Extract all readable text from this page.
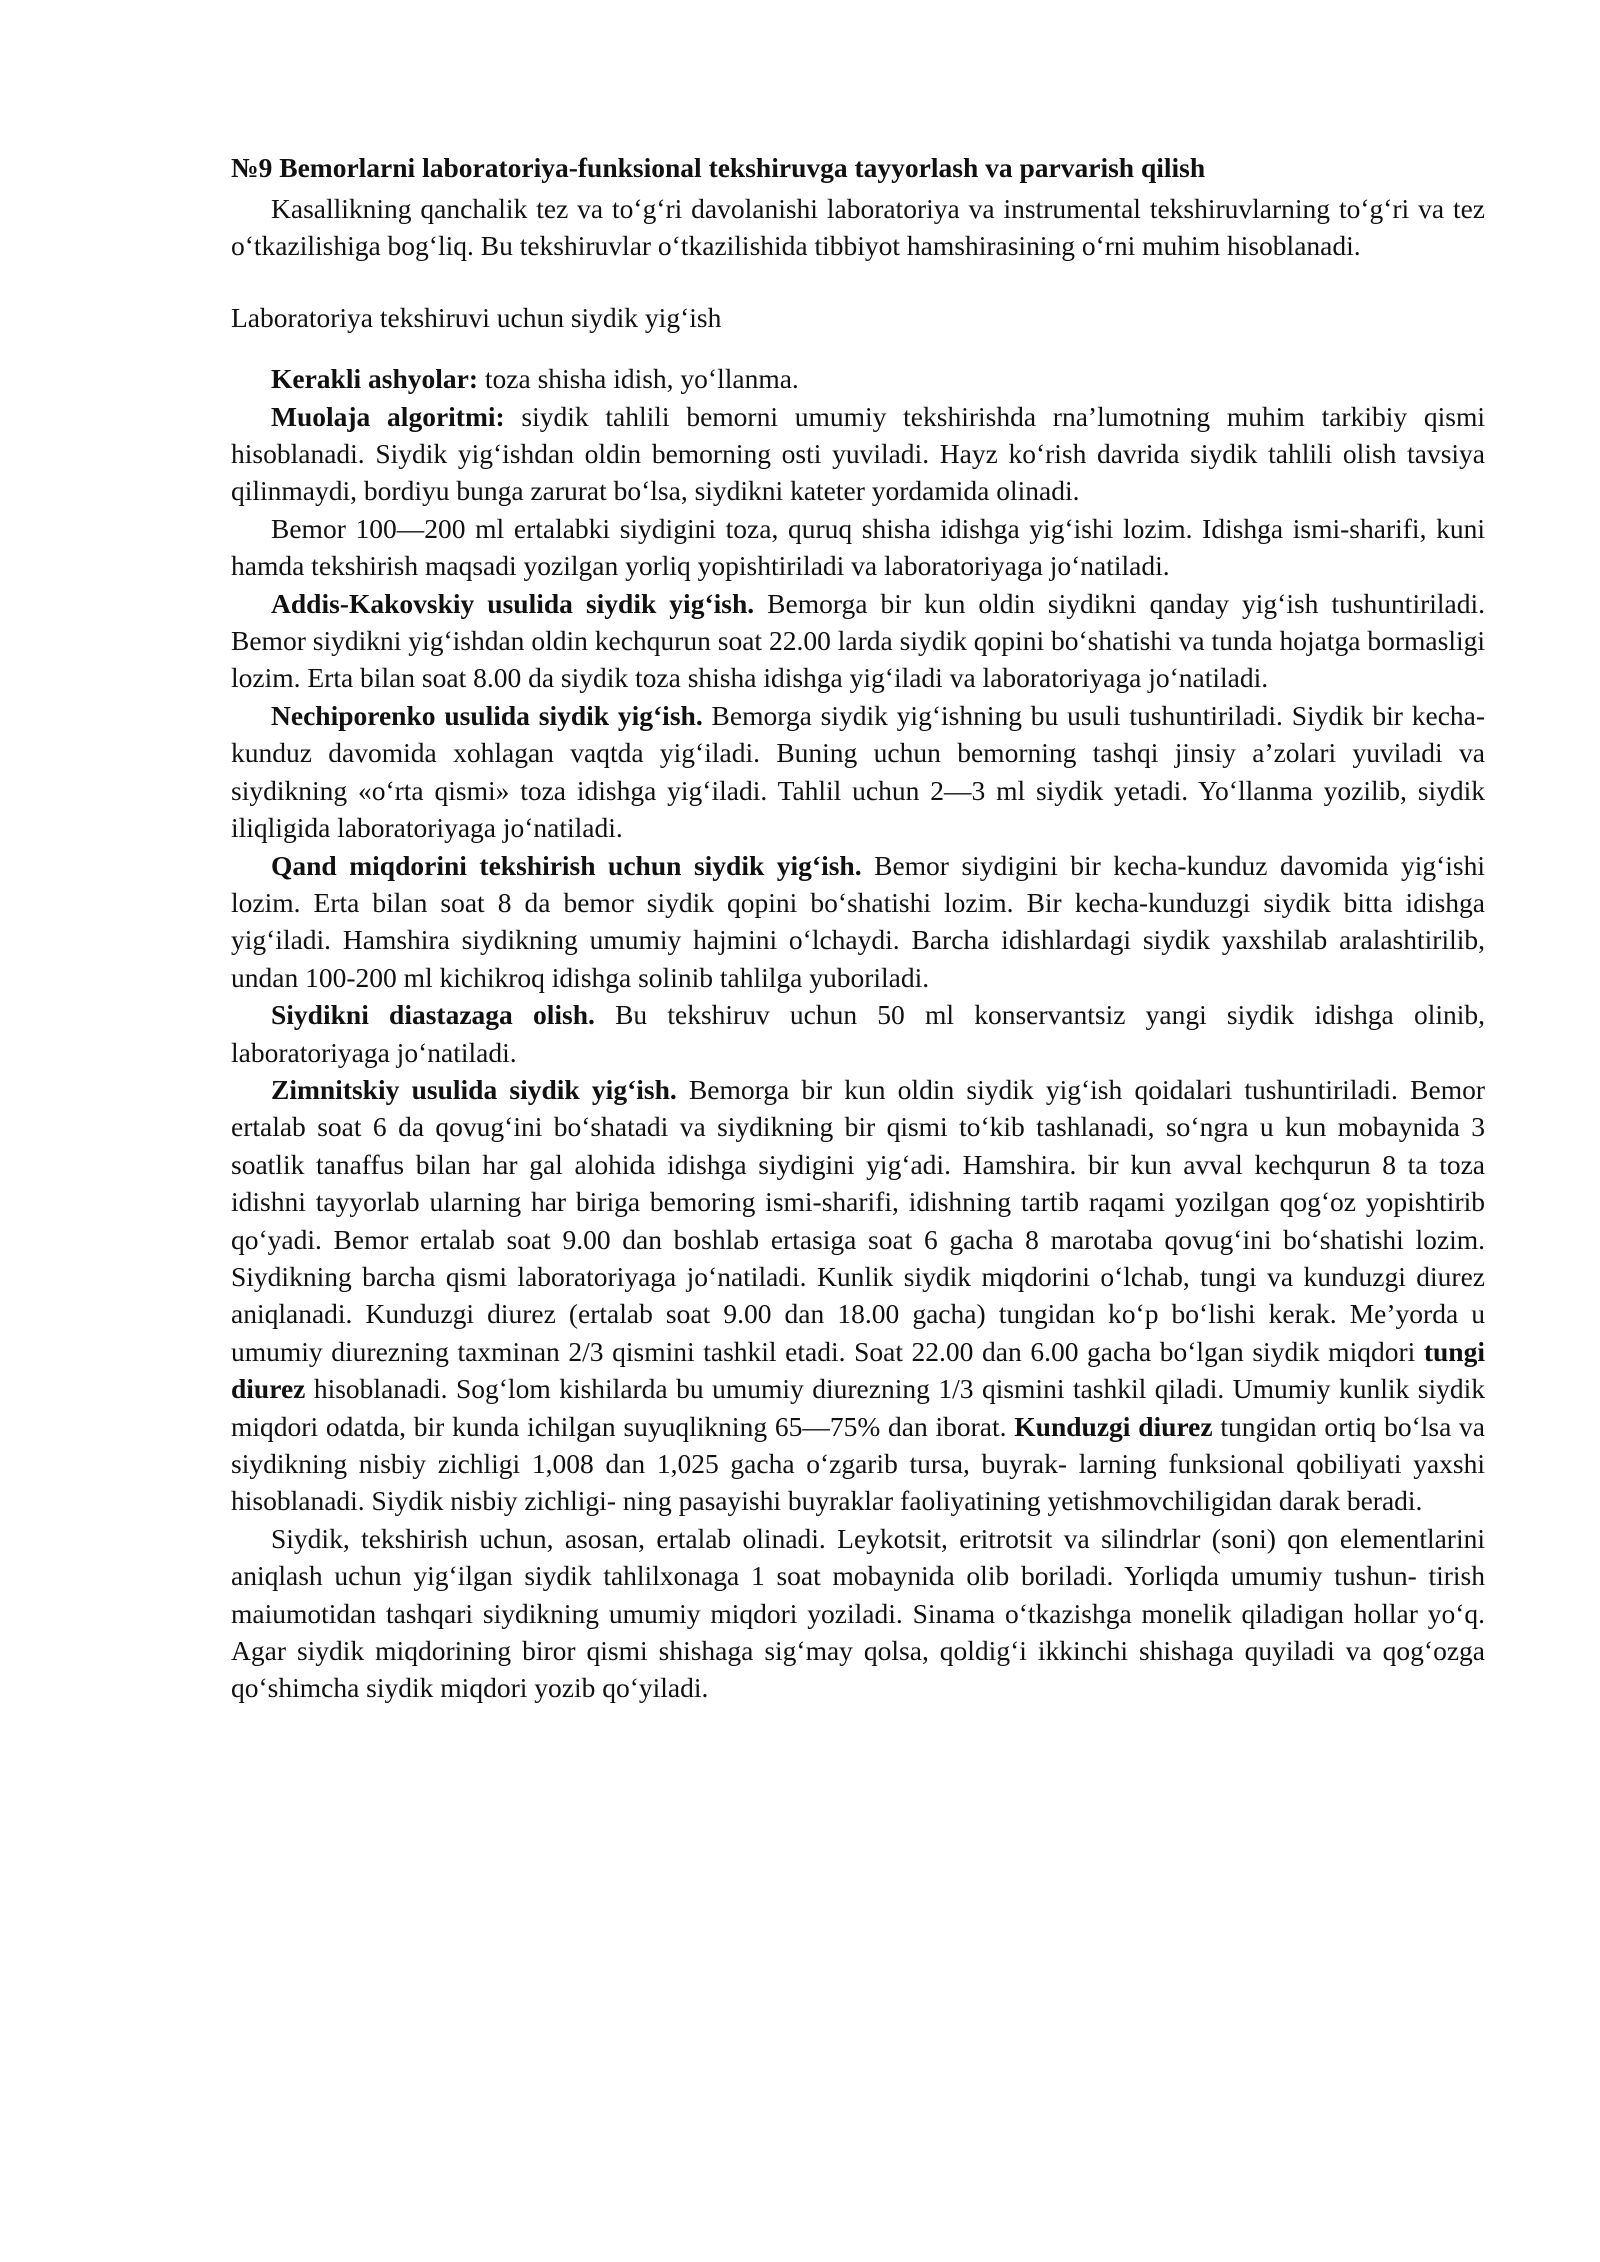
№9 Bemorlarni laboratoriya-funksional tekshiruvga tayyorlash va parvarish qilish

Kasallikning qanchalik tez va to‘g‘ri davolanishi laboratoriya va instrumental tekshiruvlarning to‘g‘ri va tez o‘tkazilishiga bog‘liq. Bu tekshiruvlar o‘tkazilishida tibbiyot hamshirasining o‘rni muhim hisoblanadi.

Laboratoriya tekshiruvi uchun siydik yig‘ish

Kerakli ashyolar: toza shisha idish, yo‘llanma.

Muolaja algoritmi: siydik tahlili bemorni umumiy tekshirishda rna’lumotning muhim tarkibiy qismi hisoblanadi. Siydik yig‘ishdan oldin bemorning osti yuviladi. Hayz ko‘rish davrida siydik tahlili olish tavsiya qilinmaydi, bordiyu bunga zarurat bo‘lsa, siydikni kateter yordamida olinadi.

Bemor 100—200 ml ertalabki siydigini toza, quruq shisha idishga yig‘ishi lozim. Idishga ismi-sharifi, kuni hamda tekshirish maqsadi yozilgan yorliq yopishtiriladi va laboratoriyaga jo‘natiladi.

Addis-Kakovskiy usulida siydik yig‘ish. Bemorga bir kun oldin siydikni qanday yig‘ish tushuntiriladi. Bemor siydikni yig‘ishdan oldin kechqurun soat 22.00 larda siydik qopini bo‘shatishi va tunda hojatga bormasligi lozim. Erta bilan soat 8.00 da siydik toza shisha idishga yig‘iladi va laboratoriyaga jo‘natiladi.

Nechiporenko usulida siydik yig‘ish. Bemorga siydik yig‘ishning bu usuli tushuntiriladi. Siydik bir kecha-kunduz davomida xohlagan vaqtda yig‘iladi. Buning uchun bemorning tashqi jinsiy a’zolari yuviladi va siydikning «o‘rta qismi» toza idishga yig‘iladi. Tahlil uchun 2—3 ml siydik yetadi. Yo‘llanma yozilib, siydik iliqligida laboratoriyaga jo‘natiladi.

Qand miqdorini tekshirish uchun siydik yig‘ish. Bemor siydigini bir kecha-kunduz davomida yig‘ishi lozim. Erta bilan soat 8 da bemor siydik qopini bo‘shatishi lozim. Bir kecha-kunduzgi siydik bitta idishga yig‘iladi. Hamshira siydikning umumiy hajmini o‘lchaydi. Barcha idishlardagi siydik yaxshilab aralashtirilib, undan 100-200 ml kichikroq idishga solinib tahlilga yuboriladi.

Siydikni diastazaga olish. Bu tekshiruv uchun 50 ml konservantsiz yangi siydik idishga olinib, laboratoriyaga jo‘natiladi.

Zimnitskiy usulida siydik yig‘ish. Bemorga bir kun oldin siydik yig‘ish qoidalari tushuntiriladi. Bemor ertalab soat 6 da qovug‘ini bo‘shatadi va siydikning bir qismi to‘kib tashlanadi, so‘ngra u kun mobaynida 3 soatlik tanaffus bilan har gal alohida idishga siydigini yig‘adi. Hamshira. bir kun avval kechqurun 8 ta toza idishni tayyorlab ularning har biriga bemoring ismi-sharifi, idishning tartib raqami yozilgan qog‘oz yopishtirib qo‘yadi. Bemor ertalab soat 9.00 dan boshlab ertasiga soat 6 gacha 8 marotaba qovug‘ini bo‘shatishi lozim. Siydikning barcha qismi laboratoriyaga jo‘natiladi. Kunlik siydik miqdorini o‘lchab, tungi va kunduzgi diurez aniqlanadi. Kunduzgi diurez (ertalab soat 9.00 dan 18.00 gacha) tungidan ko‘p bo‘lishi kerak. Me’yorda u umumiy diurezning taxminan 2/3 qismini tashkil etadi. Soat 22.00 dan 6.00 gacha bo‘lgan siydik miqdori tungi diurez hisoblanadi. Sog‘lom kishilarda bu umumiy diurezning 1/3 qismini tashkil qiladi. Umumiy kunlik siydik miqdori odatda, bir kunda ichilgan suyuqlikning 65—75% dan iborat. Kunduzgi diurez tungidan ortiq bo‘lsa va siydikning nisbiy zichligi 1,008 dan 1,025 gacha o‘zgarib tursa, buyrak- larning funksional qobiliyati yaxshi hisoblanadi. Siydik nisbiy zichligi- ning pasayishi buyraklar faoliyatining yetishmovchiligidan darak beradi.

Siydik, tekshirish uchun, asosan, ertalab olinadi. Leykotsit, eritrotsit va silindrlar (soni) qon elementlarini aniqlash uchun yig‘ilgan siydik tahlilxonaga 1 soat mobaynida olib boriladi. Yorliqda umumiy tushun- tirish maiumotidan tashqari siydikning umumiy miqdori yoziladi. Sinama o‘tkazishga monelik qiladigan hollar yo‘q. Agar siydik miqdorining biror qismi shishaga sig‘may qolsa, qoldig‘i ikkinchi shishaga quyiladi va qog‘ozga qo‘shimcha siydik miqdori yozib qo‘yiladi.
